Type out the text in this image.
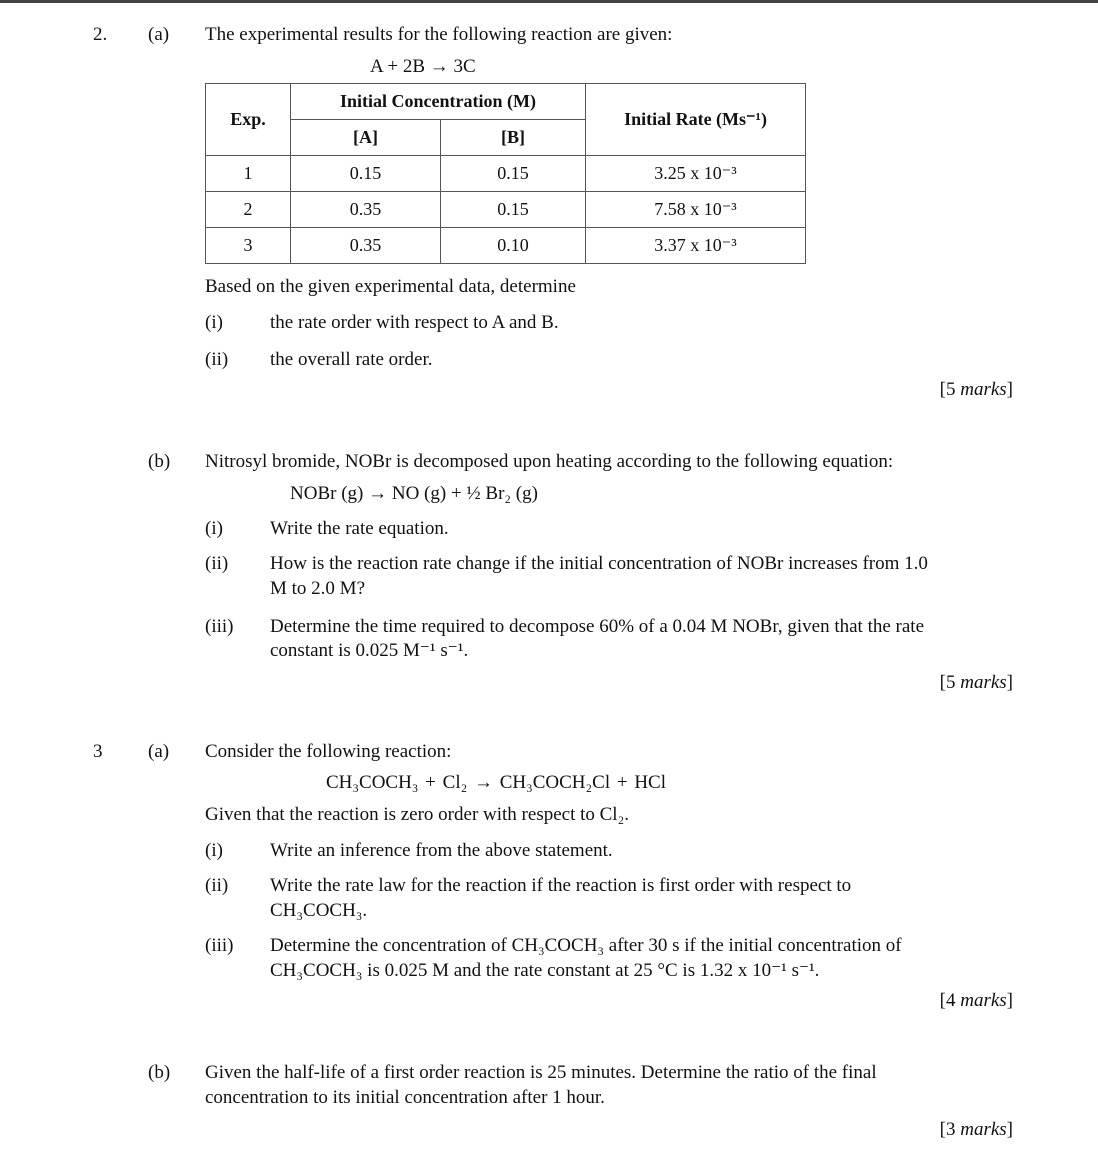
2. (a) The experimental results for the following reaction are given:
A + 2B → 3C
Exp.	Initial Concentration (M)		Initial Rate (Ms⁻¹)
	[A]	[B]	
1	0.15	0.15	3.25 x 10⁻³
2	0.35	0.15	7.58 x 10⁻³
3	0.35	0.10	3.37 x 10⁻³
Based on the given experimental data, determine
(i) the rate order with respect to A and B.
(ii) the overall rate order.
[5 marks]
(b) Nitrosyl bromide, NOBr is decomposed upon heating according to the following equation:
NOBr (g) → NO (g) + ½ Br₂ (g)
(i) Write the rate equation.
(ii) How is the reaction rate change if the initial concentration of NOBr increases from 1.0
M to 2.0 M?
(iii) Determine the time required to decompose 60% of a 0.04 M NOBr, given that the rate
constant is 0.025 M⁻¹ s⁻¹.
[5 marks]
3 (a) Consider the following reaction:
CH₃COCH₃ + Cl₂ → CH₃COCH₂Cl + HCl
Given that the reaction is zero order with respect to Cl₂.
(i) Write an inference from the above statement.
(ii) Write the rate law for the reaction if the reaction is first order with respect to
CH₃COCH₃.
(iii) Determine the concentration of CH₃COCH₃ after 30 s if the initial concentration of
CH₃COCH₃ is 0.025 M and the rate constant at 25 °C is 1.32 x 10⁻¹ s⁻¹.
[4 marks]
(b) Given the half-life of a first order reaction is 25 minutes. Determine the ratio of the final
concentration to its initial concentration after 1 hour.
[3 marks]
